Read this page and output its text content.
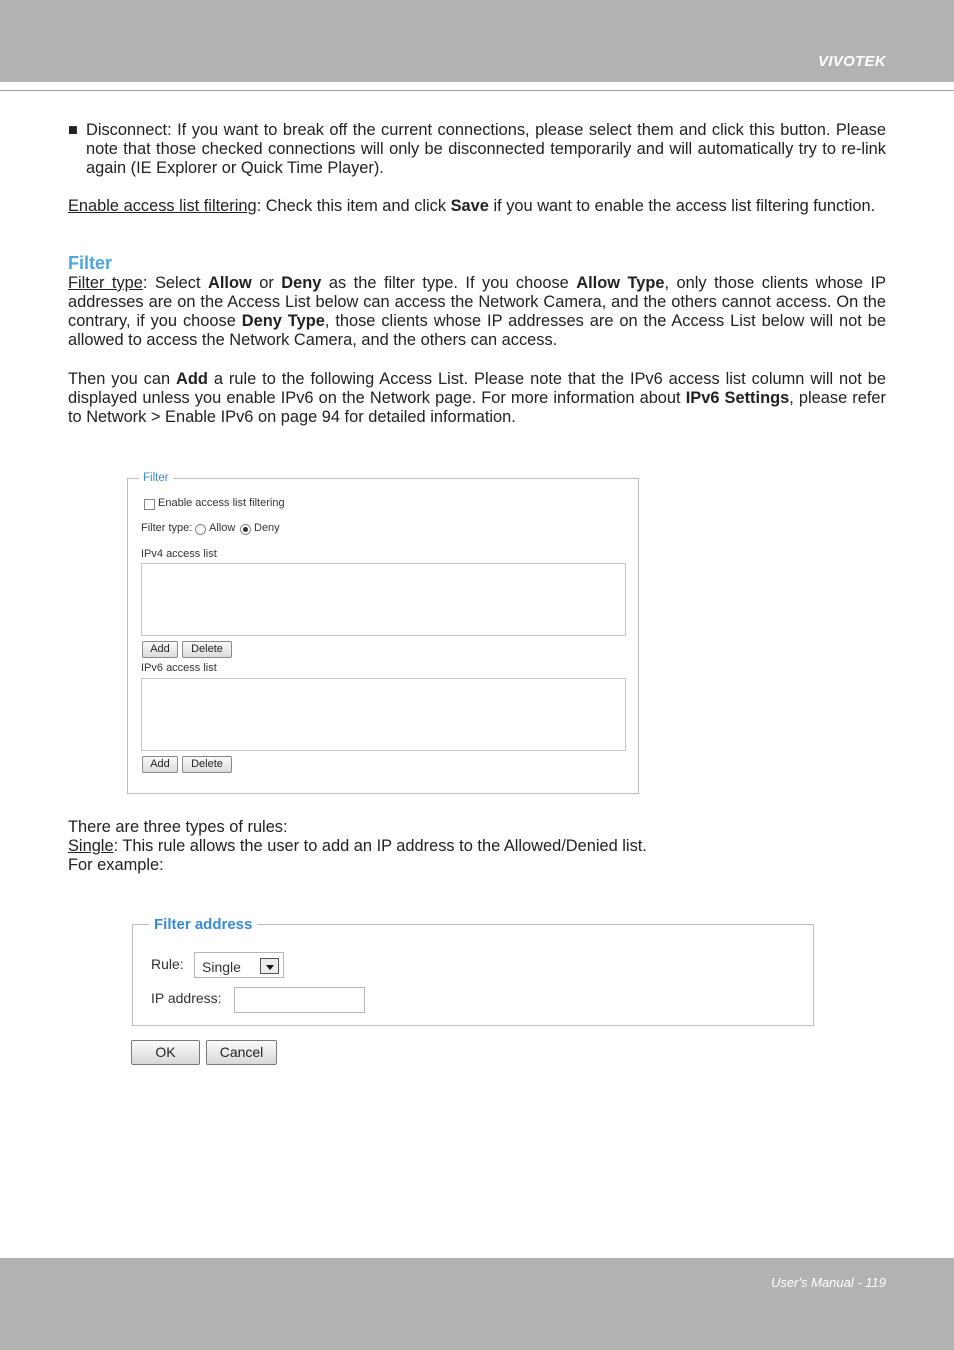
VIVOTEK
■ Disconnect: If you want to break off the current connections, please select them and click this button. Please note that those checked connections will only be disconnected temporarily and will automatically try to re-link again (IE Explorer or Quick Time Player).
Enable access list filtering: Check this item and click Save if you want to enable the access list filtering function.
Filter
Filter type: Select Allow or Deny as the filter type. If you choose Allow Type, only those clients whose IP addresses are on the Access List below can access the Network Camera, and the others cannot access. On the contrary, if you choose Deny Type, those clients whose IP addresses are on the Access List below will not be allowed to access the Network Camera, and the others can access.
Then you can Add a rule to the following Access List. Please note that the IPv6 access list column will not be displayed unless you enable IPv6 on the Network page. For more information about IPv6 Settings, please refer to Network > Enable IPv6 on page 94 for detailed information.
Filter
Enable access list filtering
Filter type: Allow Deny
IPv4 access list
Add	Delete
IPv6 access list
Add	Delete
There are three types of rules:
Single: This rule allows the user to add an IP address to the Allowed/Denied list.
For example:
Filter address
Rule: Single
IP address:
OK	Cancel
User's Manual - 119
